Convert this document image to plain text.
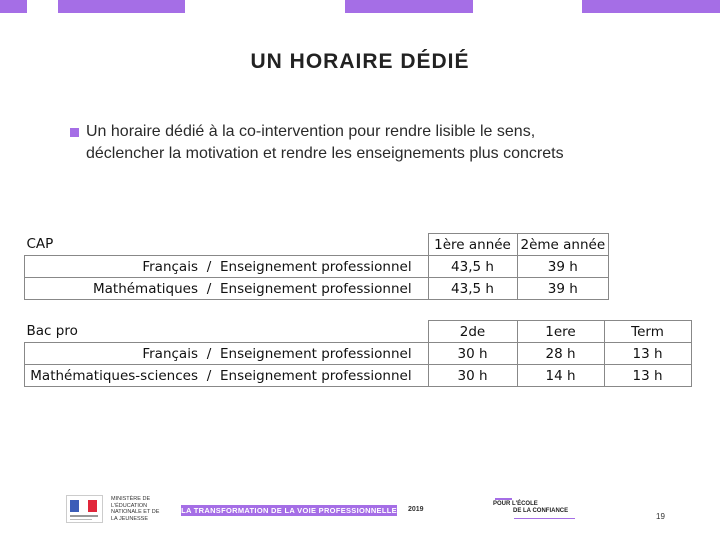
UN HORAIRE DÉDIÉ
Un horaire dédié à la co-intervention pour rendre lisible le sens,
déclencher la motivation et rendre les enseignements plus concrets
CAP			1ère année	2ème année
Français	/	Enseignement professionnel	43,5 h	39 h
Mathématiques	/	Enseignement professionnel	43,5 h	39 h
Bac pro			2de	1ere	Term
Français	/	Enseignement professionnel	30 h	28 h	13 h
Mathématiques-sciences	/	Enseignement professionnel	30 h	14 h	13 h
MINISTÈRE DE L'ÉDUCATION NATIONALE ET DE LA JEUNESSE
LA TRANSFORMATION DE LA VOIE PROFESSIONNELLE 2019
POUR L'ÉCOLE
DE LA CONFIANCE
19
